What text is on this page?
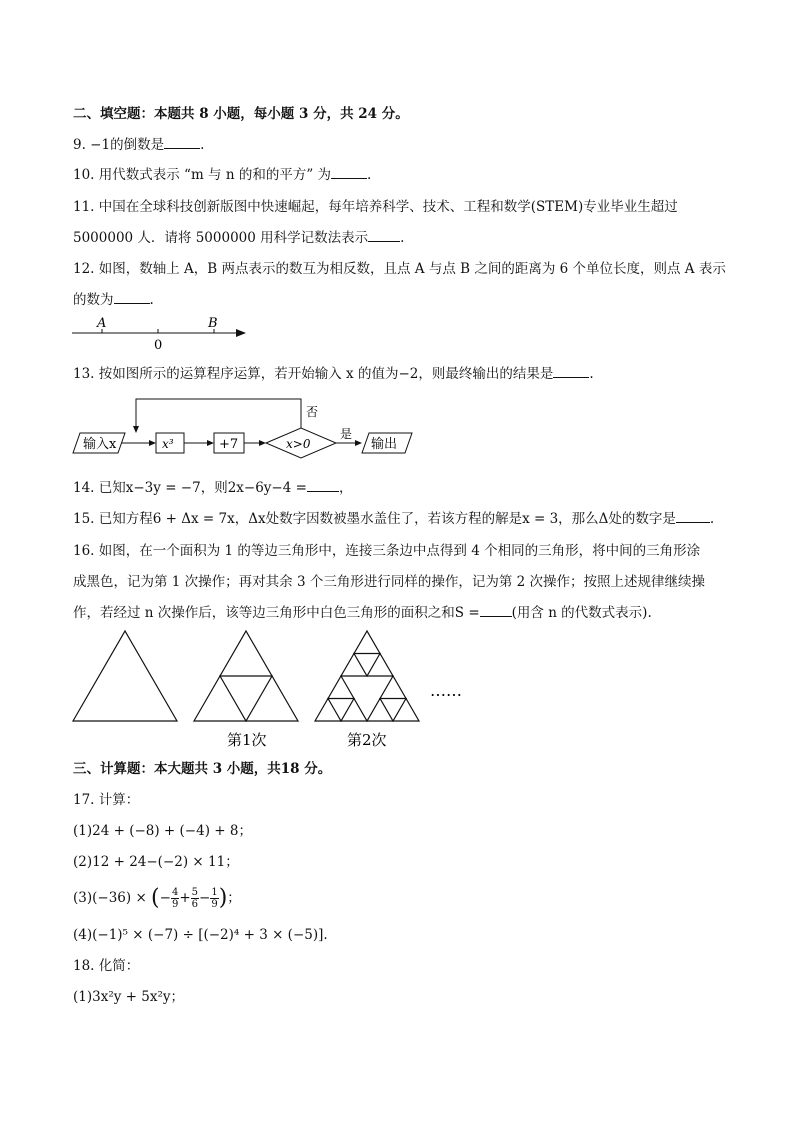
二、填空题：本题共 8 小题，每小题 3 分，共 24 分。
9. −1的倒数是	.
10. 用代数式表示 “m 与 n 的和的平方” 为	.
11. 中国在全球科技创新版图中快速崛起，每年培养科学、技术、工程和数学(STEM)专业毕业生超过
5000000 人．请将 5000000 用科学记数法表示 .
12. 如图，数轴上 A，B 两点表示的数互为相反数，且点 A 与点 B 之间的距离为 6 个单位长度，则点 A 表示
的数为	.
A	B
0
13. 按如图所示的运算程序运算，若开始输入 x 的值为−2，则最终输出的结果是	.
输入x	x³	+7	x>0
是
输出
否
14. 已知x−3y = −7，则2x−6y−4 = ，
15. 已知方程6 + Δx = 7x，Δx处数字因数被墨水盖住了，若该方程的解是x = 3，那么Δ处的数字是	.
16. 如图，在一个面积为 1 的等边三角形中，连接三条边中点得到 4 个相同的三角形，将中间的三角形涂
成黑色，记为第 1 次操作；再对其余 3 个三角形进行同样的操作，记为第 2 次操作；按照上述规律继续操
作，若经过 n 次操作后，该等边三角形中白色三角形的面积之和S = (用含 n 的代数式表示).
……
第1次	第2次
三、计算题：本大题共 3 小题，共18 分。
17. 计算：
(1)24 + (−8) + (−4) + 8；
(2)12 + 24−(−2) × 11；
(3)(−36) × (− $\frac{4}{9} + \frac{5}{6} - \frac{1}{9}$ )；
(4)(−1)⁵ × (−7) ÷ [(−2)⁴ + 3 × (−5)].
18. 化简：
(1)3x²y + 5x²y；
